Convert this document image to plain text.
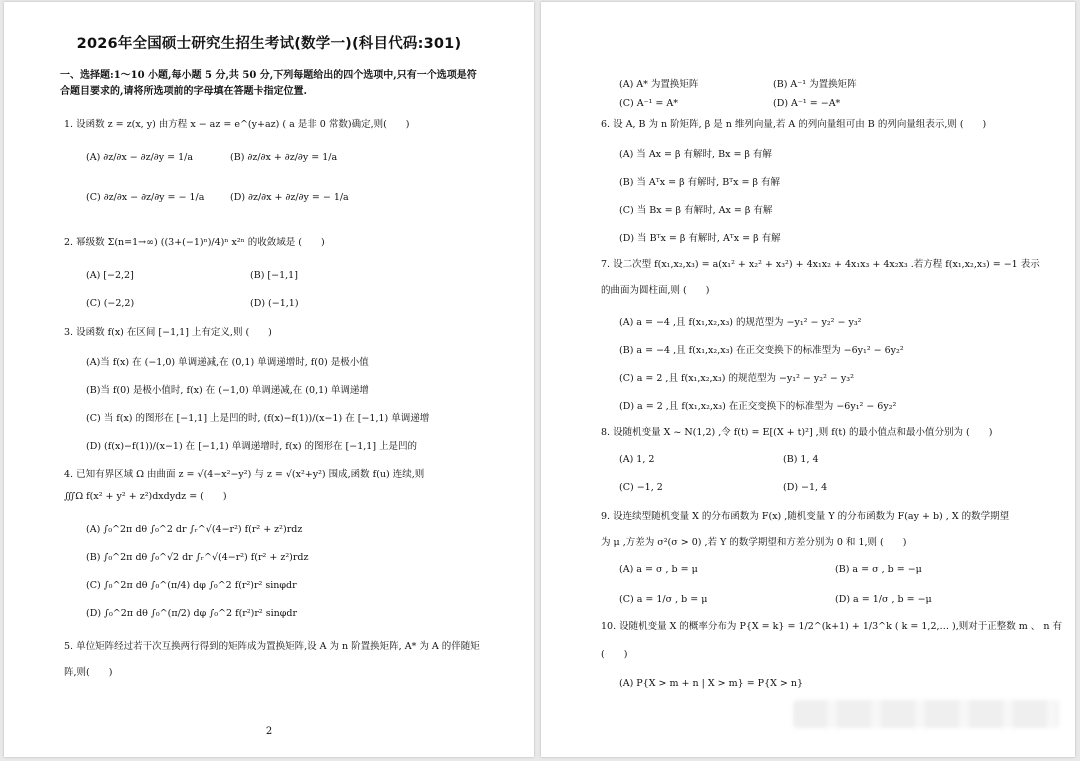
2026年全国硕士研究生招生考试(数学一)(科目代码:301)
一、选择题:1～10 小题,每小题 5 分,共 50 分,下列每题给出的四个选项中,只有一个选项是符合题目要求的,请将所选项前的字母填在答题卡指定位置.
1. 设函数 z = z(x, y) 由方程 x − az = e^(y+az) ( a 是非 0 常数)确定,则(　　)
(A) ∂z/∂x − ∂z/∂y = 1/a	(B) ∂z/∂x + ∂z/∂y = 1/a
(C) ∂z/∂x − ∂z/∂y = − 1/a	(D) ∂z/∂x + ∂z/∂y = − 1/a
2. 幂级数 Σ(n=1→∞) ((3+(−1)ⁿ)/4)ⁿ x²ⁿ 的收敛域是 (　　)
(A) [−2,2]	(B) [−1,1]
(C) (−2,2)	(D) (−1,1)
3. 设函数 f(x) 在区间 [−1,1] 上有定义,则 (　　)
(A)当 f(x) 在 (−1,0) 单调递减,在 (0,1) 单调递增时, f(0) 是极小值
(B)当 f(0) 是极小值时, f(x) 在 (−1,0) 单调递减,在 (0,1) 单调递增
(C) 当 f(x) 的图形在 [−1,1] 上是凹的时, (f(x)−f(1))/(x−1) 在 [−1,1) 单调递增
(D) (f(x)−f(1))/(x−1) 在 [−1,1) 单调递增时, f(x) 的图形在 [−1,1] 上是凹的
4. 已知有界区域 Ω 由曲面 z = √(4−x²−y²) 与 z = √(x²+y²) 围成,函数 f(u) 连续,则
∭Ω f(x² + y² + z²)dxdydz = (　　)
(A) ∫₀^2π dθ ∫₀^2 dr ∫ᵣ^√(4−r²) f(r² + z²)rdz
(B) ∫₀^2π dθ ∫₀^√2 dr ∫ᵣ^√(4−r²) f(r² + z²)rdz
(C) ∫₀^2π dθ ∫₀^(π/4) dφ ∫₀^2 f(r²)r² sinφdr
(D) ∫₀^2π dθ ∫₀^(π/2) dφ ∫₀^2 f(r²)r² sinφdr
5. 单位矩阵经过若干次互换两行得到的矩阵成为置换矩阵,设 A 为 n 阶置换矩阵, A* 为 A 的伴随矩阵,则(　　)
2
(A) A* 为置换矩阵	(B) A⁻¹ 为置换矩阵
(C) A⁻¹ = A*	(D) A⁻¹ = −A*
6. 设 A, B 为 n 阶矩阵, β 是 n 维列向量,若 A 的列向量组可由 B 的列向量组表示,则 (　　)
(A) 当 Ax = β 有解时, Bx = β 有解
(B) 当 Aᵀx = β 有解时, Bᵀx = β 有解
(C) 当 Bx = β 有解时, Ax = β 有解
(D) 当 Bᵀx = β 有解时, Aᵀx = β 有解
7. 设二次型 f(x₁,x₂,x₃) = a(x₁² + x₂² + x₃²) + 4x₁x₂ + 4x₁x₃ + 4x₂x₃ .若方程 f(x₁,x₂,x₃) = −1 表示
的曲面为圆柱面,则 (　　)
(A) a = −4 ,且 f(x₁,x₂,x₃) 的规范型为 −y₁² − y₂² − y₃²
(B) a = −4 ,且 f(x₁,x₂,x₃) 在正交变换下的标准型为 −6y₁² − 6y₂²
(C) a = 2 ,且 f(x₁,x₂,x₃) 的规范型为 −y₁² − y₂² − y₃²
(D) a = 2 ,且 f(x₁,x₂,x₃) 在正交变换下的标准型为 −6y₁² − 6y₂²
8. 设随机变量 X ~ N(1,2) ,令 f(t) = E[(X + t)²] ,则 f(t) 的最小值点和最小值分别为 (　　)
(A) 1, 2	(B) 1, 4
(C) −1, 2	(D) −1, 4
9. 设连续型随机变量 X 的分布函数为 F(x) ,随机变量 Y 的分布函数为 F(ay + b) , X 的数学期望
为 μ ,方差为 σ²(σ > 0) ,若 Y 的数学期望和方差分别为 0 和 1,则 (　　)
(A) a = σ , b = μ	(B) a = σ , b = −μ
(C) a = 1/σ , b = μ	(D) a = 1/σ , b = −μ
10. 设随机变量 X 的概率分布为 P{X = k} = 1/2^(k+1) + 1/3^k ( k = 1,2,… ),则对于正整数 m 、 n 有
(　　)
(A) P{X > m + n | X > m} = P{X > n}
